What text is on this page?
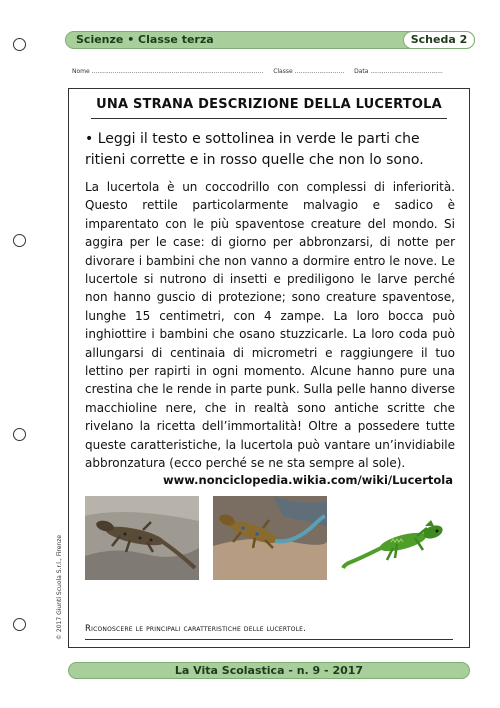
Scienze • Classe terza	Scheda 2
Nome .......................................................................................... Classe .......................... Data ......................................
UNA STRANA DESCRIZIONE DELLA LUCERTOLA
• Leggi il testo e sottolinea in verde le parti che ritieni corrette e in rosso quelle che non lo sono.
La lucertola è un coccodrillo con complessi di inferiorità. Questo rettile particolarmente malvagio e sadico è imparentato con le più spaventose creature del mondo. Si aggira per le case: di giorno per abbronzarsi, di notte per divorare i bambini che non vanno a dormire entro le nove. Le lucertole si nutrono di insetti e prediligono le larve perché non hanno guscio di protezione; sono creature spaventose, lunghe 15 centimetri, con 4 zampe. La loro bocca può inghiottire i bambini che osano stuzzicarle. La loro coda può allungarsi di centinaia di micrometri e raggiungere il tuo lettino per rapirti in ogni momento. Alcune hanno pure una crestina che le rende in parte punk. Sulla pelle hanno diverse macchioline nere, che in realtà sono antiche scritte che rivelano la ricetta dell’immortalità! Oltre a possedere tutte queste caratteristiche, la lucertola può vantare un’invidiabile abbronzatura (ecco perché se ne sta sempre al sole).
www.nonciclopedia.wikia.com/wiki/Lucertola
Riconoscere le principali caratteristiche delle lucertole.
© 2017 Giunti Scuola S.r.l., Firenze
La Vita Scolastica - n. 9 - 2017
